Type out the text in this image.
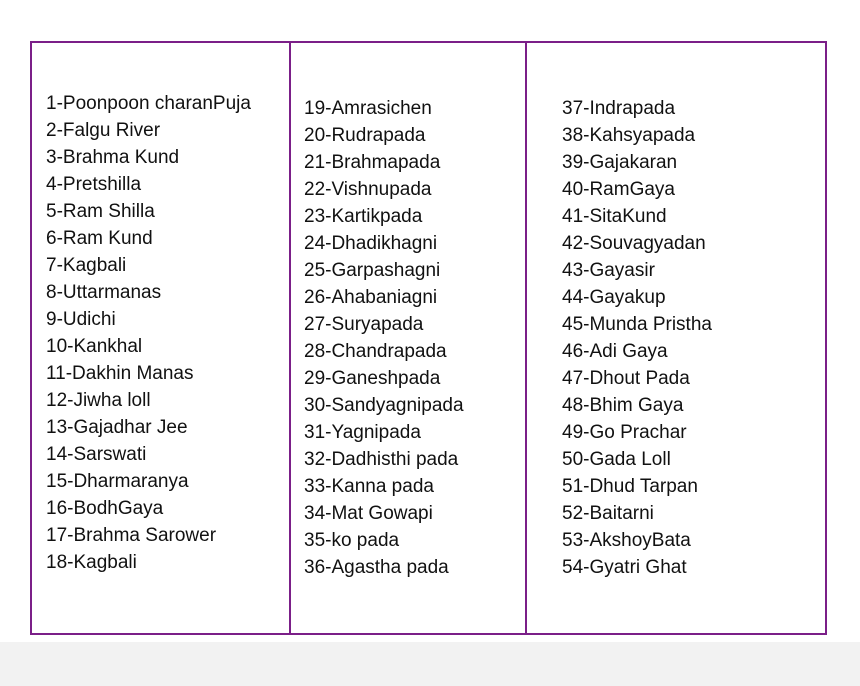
1-Poonpoon charanPuja
2-Falgu River
3-Brahma Kund
4-Pretshilla
5-Ram Shilla
6-Ram Kund
7-Kagbali
8-Uttarmanas
9-Udichi
10-Kankhal
11-Dakhin Manas
12-Jiwha loll
13-Gajadhar Jee
14-Sarswati
15-Dharmaranya
16-BodhGaya
17-Brahma Sarower
18-Kagbali
19-Amrasichen
20-Rudrapada
21-Brahmapada
22-Vishnupada
23-Kartikpada
24-Dhadikhagni
25-Garpashagni
26-Ahabaniagni
27-Suryapada
28-Chandrapada
29-Ganeshpada
30-Sandyagnipada
31-Yagnipada
32-Dadhisthi pada
33-Kanna pada
34-Mat Gowapi
35-ko pada
36-Agastha pada
37-Indrapada
38-Kahsyapada
39-Gajakaran
40-RamGaya
41-SitaKund
42-Souvagyadan
43-Gayasir
44-Gayakup
45-Munda Pristha
46-Adi Gaya
47-Dhout Pada
48-Bhim Gaya
49-Go Prachar
50-Gada Loll
51-Dhud Tarpan
52-Baitarni
53-AkshoyBata
54-Gyatri Ghat
